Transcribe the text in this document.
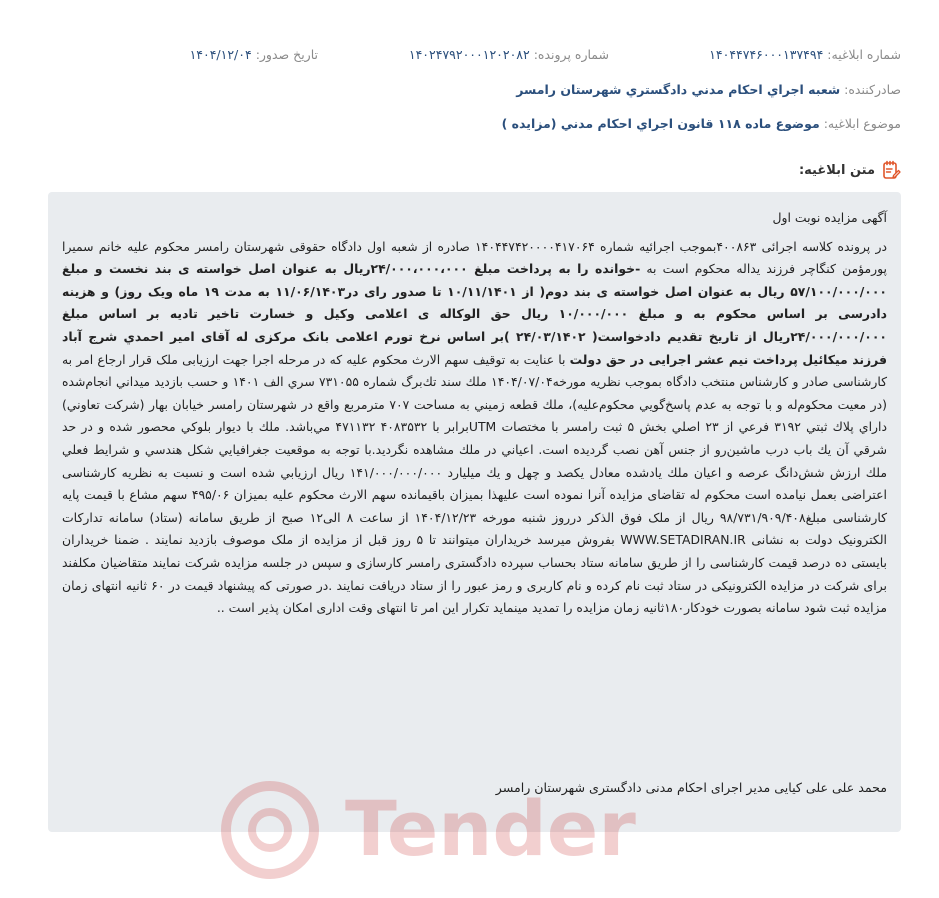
شماره ابلاغيه: ۱۴۰۴۴۷۴۶۰۰۰۱۳۷۴۹۴
شماره پرونده: ۱۴۰۲۴۷۹۲۰۰۰۱۲۰۲۰۸۲
تاريخ صدور: ۱۴۰۴/۱۲/۰۴
صادركننده: شعبه اجراي احكام مدني دادگستري شهرستان رامسر
موضوع ابلاغيه: موضوع ماده ۱۱۸ قانون اجراي احكام مدني (مزايده )
متن ابلاغيه:
آگهی مزایده نوبت اول

در پرونده کلاسه اجرائی ۴۰۰۸۶۳بموجب اجرائیه شماره ۱۴۰۴۴۷۴۲۰۰۰۰۴۱۷۰۶۴ صادره از شعبه اول دادگاه حقوقی شهرستان رامسر محکوم علیه خانم سمیرا پورمؤمن کنگاچر فرزند یداله محکوم است به -خوانده را به پرداخت مبلغ ۲۴/۰۰۰،۰۰۰،۰۰۰ریال به عنوان اصل خواسته ی بند نخست و مبلغ ۵۷/۱۰۰/۰۰۰/۰۰۰ ریال به عنوان اصل خواسته ی بند دوم( از ۱۰/۱۱/۱۴۰۱ تا صدور رای در۱۱/۰۶/۱۴۰۳ به مدت ۱۹ ماه ویک روز) و هزینه دادرسی بر اساس محکوم به و مبلغ ۱۰/۰۰۰/۰۰۰ ریال حق الوکاله ی اعلامی وکیل و خسارت تاخیر تادیه بر اساس مبلغ ۲۴/۰۰۰/۰۰۰/۰۰۰ریال از تاریخ تقدیم دادخواست( ۲۴/۰۳/۱۴۰۲ )بر اساس نرخ تورم اعلامی بانک مرکزی له آقای امیر احمدي شرج آباد فرزند میکائیل پرداخت نیم عشر اجرایی در حق دولت با عنایت به توقیف سهم الارث محکوم علیه که در مرحله اجرا جهت ارزیابی ملک قرار ارجاع امر به کارشناسی صادر و کارشناس منتخب دادگاه بموجب نظریه مورخه۱۴۰۴/۰۷/۰۴ ملك سند تك‌برگ شماره ۷۳۱۰۵۵ سري الف ۱۴۰۱ و حسب بازديد ميداني انجام‌شده (در معيت محكوم‌له و با توجه به عدم پاسخ‌گويي محكوم‌عليه)، ملك قطعه زميني به مساحت ۷۰۷ مترمربع واقع در شهرستان رامسر خيابان بهار (شركت تعاوني) داراي پلاك ثبتي ۳۱۹۲ فرعي از ۲۳ اصلي بخش ۵ ثبت رامسر با مختصات UTMبرابر با ۴۰۸۳۵۳۲ ۴۷۱۱۳۲ مي‌باشد. ملك با ديوار بلوكي محصور شده و در حد شرقي آن يك باب درب ماشين‌رو از جنس آهن نصب گرديده است. اعياني در ملك مشاهده نگرديد.با توجه به موقعيت جغرافيايي شكل هندسي و شرايط فعلي ملك ارزش شش‌دانگ عرصه و اعيان ملك يادشده معادل يكصد و چهل و يك ميليارد ۱۴۱/۰۰۰/۰۰۰/۰۰۰ ريال ارزيابي شده است و نسبت به نظريه کارشناسی اعتراضی بعمل نیامده است محکوم له تقاضای مزایده آنرا نموده است علیهذا بمیزان باقیمانده سهم الارث محکوم علیه بمیزان ۴۹۵/۰۶ سهم مشاع با قیمت پایه کارشناسی مبلغ۹۸/۷۳۱/۹۰۹/۴۰۸ ریال از ملک فوق الذکر درروز شنبه مورخه ۱۴۰۴/۱۲/۲۳ از ساعت ۸ الی۱۲ صبح از طریق سامانه (ستاد) سامانه تدارکات الکترونیک دولت به نشانی WWW.SETADIRAN.IR بفروش میرسد خریداران میتوانند تا ۵ روز قبل از مزایده از ملک موصوف بازدید نمایند . ضمنا خریداران بایستی ده درصد قیمت کارشناسی را از طریق سامانه ستاد بحساب سپرده دادگستری رامسر کارسازی و سپس در جلسه مزایده شرکت نمایند متقاضیان مکلفند برای شرکت در مزایده الکترونیکی در ستاد ثبت نام کرده و نام کاربری و رمز عبور را از ستاد دریافت نمایند .در صورتی که پیشنهاد قیمت در ۶۰ ثانیه انتهای زمان مزایده ثبت شود سامانه بصورت خودکار۱۸۰ثانیه زمان مزایده را تمدید مینماید تکرار این امر تا انتهای وقت اداری امکان پذیر است ..

محمد علی علی کیایی مدیر اجرای احکام مدنی دادگستری شهرستان رامسر
Tender
